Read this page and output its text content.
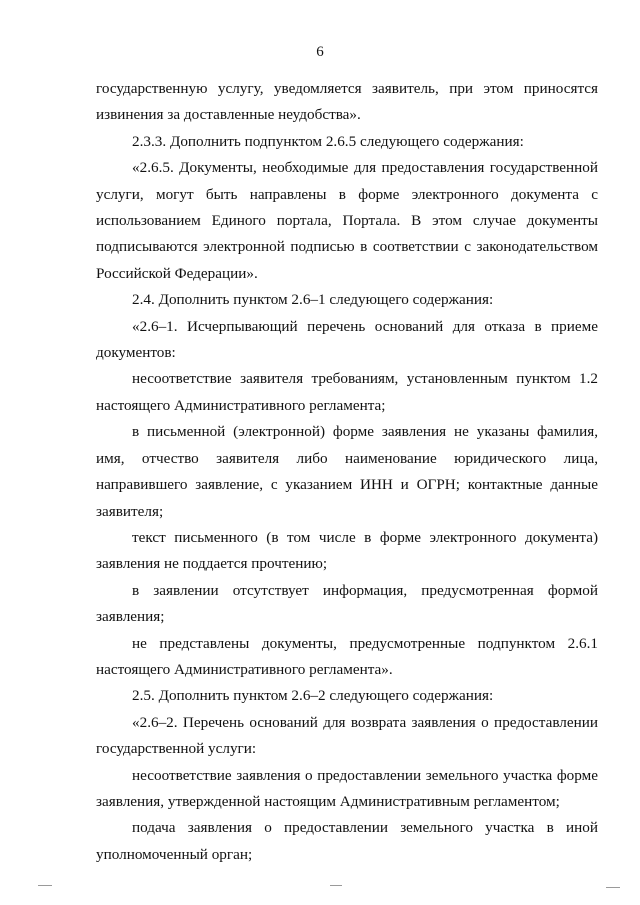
6

государственную услугу, уведомляется заявитель, при этом приносятся извинения за доставленные неудобства».

2.3.3. Дополнить подпунктом 2.6.5 следующего содержания:

«2.6.5. Документы, необходимые для предоставления государственной услуги, могут быть направлены в форме электронного документа с использованием Единого портала, Портала. В этом случае документы подписываются электронной подписью в соответствии с законодательством Российской Федерации».

2.4. Дополнить пунктом 2.6–1 следующего содержания:

«2.6–1. Исчерпывающий перечень оснований для отказа в приеме документов:

несоответствие заявителя требованиям, установленным пунктом 1.2 настоящего Административного регламента;

в письменной (электронной) форме заявления не указаны фамилия, имя, отчество заявителя либо наименование юридического лица, направившего заявление, с указанием ИНН и ОГРН; контактные данные заявителя;

текст письменного (в том числе в форме электронного документа) заявления не поддается прочтению;

в заявлении отсутствует информация, предусмотренная формой заявления;

не представлены документы, предусмотренные подпунктом 2.6.1 настоящего Административного регламента».

2.5. Дополнить пунктом 2.6–2 следующего содержания:

«2.6–2. Перечень оснований для возврата заявления о предоставлении государственной услуги:

несоответствие заявления о предоставлении земельного участка форме заявления, утвержденной настоящим Административным регламентом;

подача заявления о предоставлении земельного участка в иной уполномоченный орган;
